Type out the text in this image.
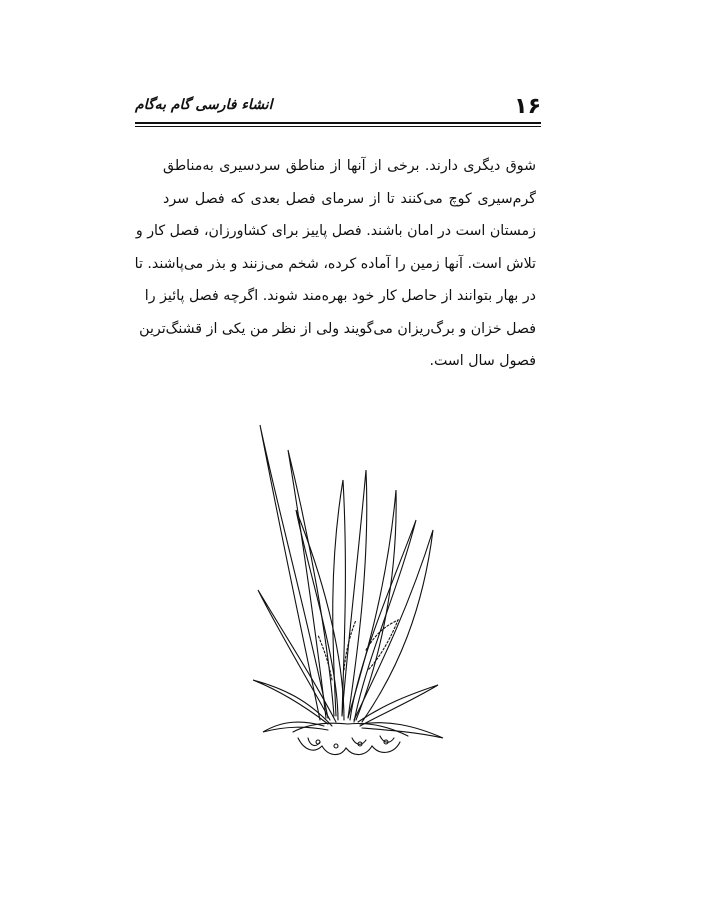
۱۶
انشاء فارسی گام به‌گام
شوق دیگری دارند. برخی از آنها از مناطق سردسیری به‌مناطق
گرم‌سیری کوچ می‌کنند تا از سرمای فصل بعدی که فصل سرد
زمستان است در امان باشند. فصل پاییز برای کشاورزان، فصل کار و
تلاش است. آنها زمین را آماده کرده، شخم می‌زنند و بذر می‌پاشند. تا
در بهار بتوانند از حاصل کار خود بهره‌مند شوند. اگرچه فصل پائیز را
فصل خزان و برگ‌ریزان می‌گویند ولی از نظر من یکی از قشنگ‌ترین
فصول سال است.
